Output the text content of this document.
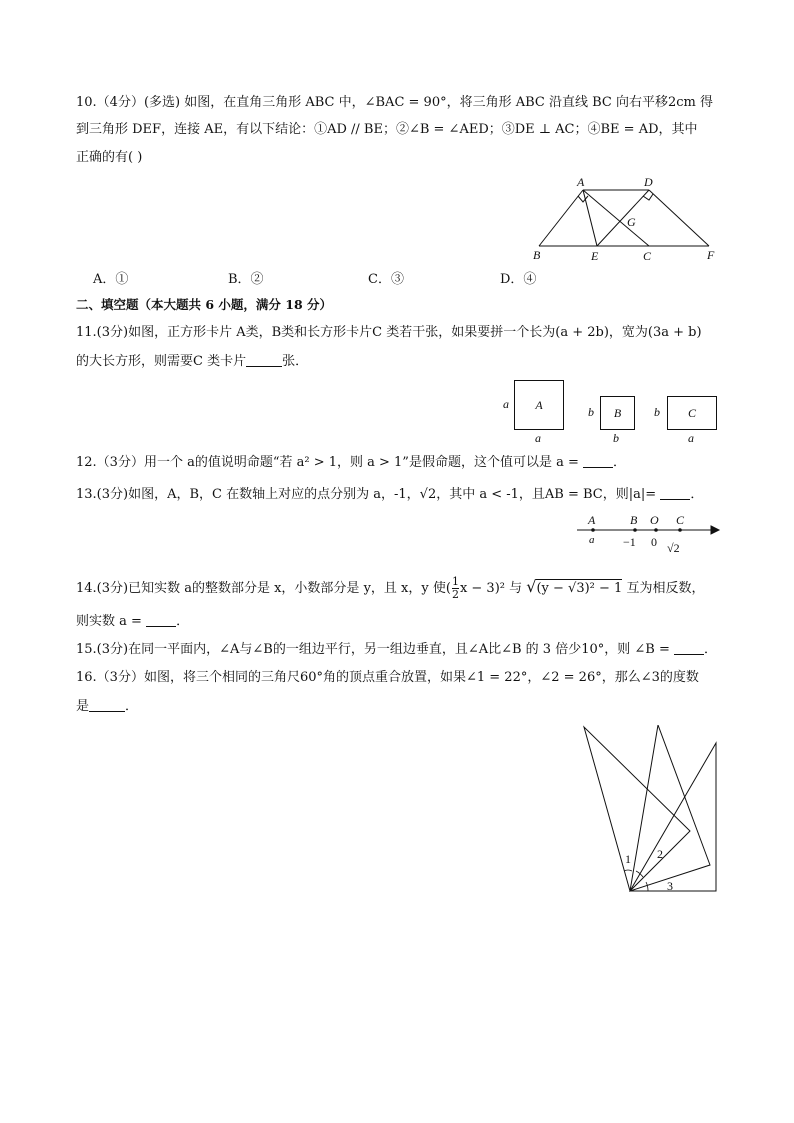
10.（4分）(多选) 如图，在直角三角形 ABC 中，∠BAC = 90°，将三角形 ABC 沿直线 BC 向右平移2cm 得
到三角形 DEF，连接 AE，有以下结论：①AD // BE；②∠B = ∠AED；③DE ⊥ AC；④BE = AD，其中
正确的有( )
A	D
G
B	E	C	F
A．①	B．②	C．③	D．④
二、填空题（本大题共 6 小题，满分 18 分）
11.(3分)如图，正方形卡片 A类，B类和长方形卡片C 类若干张，如果要拼一个长为(a + 2b)，宽为(3a + b)
的大长方形，则需要C 类卡片	张．
A
a
a
B
b
b
C
b
a
12.（3分）用一个 a的值说明命题“若 a² > 1，则 a > 1”是假命题，这个值可以是 a =	．
13.(3分)如图，A，B，C 在数轴上对应的点分别为 a，-1，√2，其中 a < -1，且AB = BC，则|a|=	．
A	B O C
a −1 0 √2
14.(3分)已知实数 a的整数部分是 x，小数部分是 y，且 x，y 使( $\frac{1}{2}$ x − 3)² 与 √(y − √3)² − 1 互为相反数，
则实数 a =	．
15.(3分)在同一平面内，∠A与∠B的一组边平行，另一组边垂直，且∠A比∠B 的 3 倍少10°，则 ∠B =	．
16.（3分）如图，将三个相同的三角尺60°角的顶点重合放置，如果∠1 = 22°，∠2 = 26°，那么∠3的度数
是	．
1 2
3
